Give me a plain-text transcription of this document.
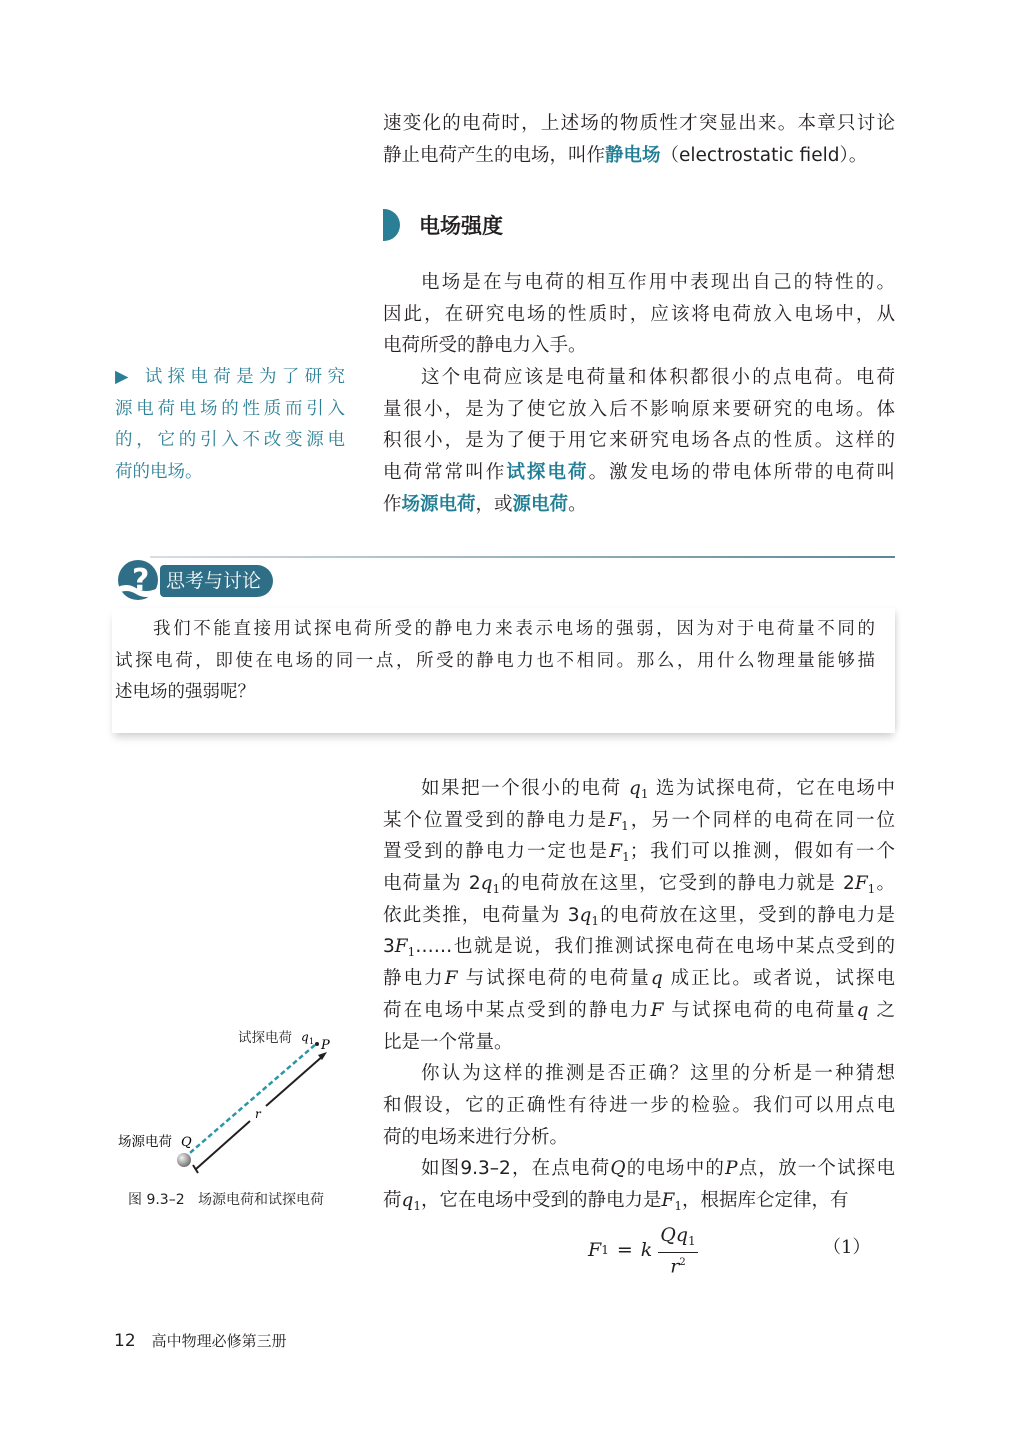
速变化的电荷时，上述场的物质性才突显出来。本章只讨论
静止电荷产生的电场，叫作静电场（electrostatic field）。
电场强度
电场是在与电荷的相互作用中表现出自己的特性的。
因此，在研究电场的性质时，应该将电荷放入电场中，从
电荷所受的静电力入手。
这个电荷应该是电荷量和体积都很小的点电荷。电荷
量很小，是为了使它放入后不影响原来要研究的电场。体
积很小，是为了便于用它来研究电场各点的性质。这样的
电荷常常叫作试探电荷。激发电场的带电体所带的电荷叫
作场源电荷，或源电荷。
▶ 试探电荷是为了研究
源电荷电场的性质而引入
的，它的引入不改变源电
荷的电场。
? 思考与讨论
我们不能直接用试探电荷所受的静电力来表示电场的强弱，因为对于电荷量不同的
试探电荷，即使在电场的同一点，所受的静电力也不相同。那么，用什么物理量能够描
述电场的强弱呢？
试探电荷 q 1 P
场源电荷 Q
r
图 9.3–2 场源电荷和试探电荷
如果把一个很小的电荷 $q_1$ 选为试探电荷，它在电场中
某个位置受到的静电力是$F_1$，另一个同样的电荷在同一位
置受到的静电力一定也是$F_1$；我们可以推测，假如有一个
电荷量为 $2q_1$的电荷放在这里，它受到的静电力就是 $2F_1$。
依此类推，电荷量为 $3q_1$的电荷放在这里，受到的静电力是
$3F_1\dots\dots$也就是说，我们推测试探电荷在电场中某点受到的
静电力F 与试探电荷的电荷量q 成正比。或者说，试探电
荷在电场中某点受到的静电力F 与试探电荷的电荷量q 之
比是一个常量。
你认为这样的推测是否正确？这里的分析是一种猜想
和假设，它的正确性有待进一步的检验。我们可以用点电
荷的电场来进行分析。
如图9.3–2，在点电荷Q的电场中的P点，放一个试探电
荷$q_1$，它在电场中受到的静电力是$F_1$，根据库仑定律，有
F 1 = k $\frac{Qq_1}{r^2}$	（1）
12 高中物理必修第三册
